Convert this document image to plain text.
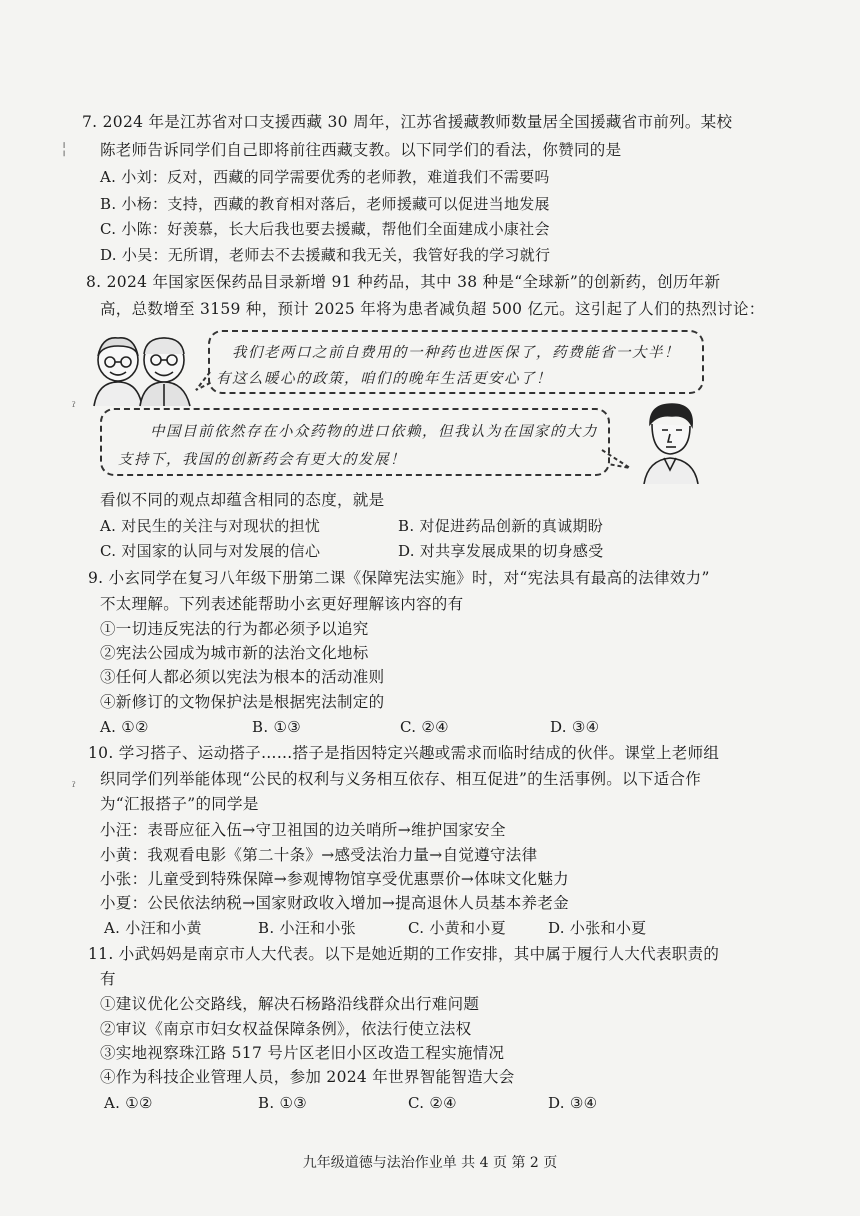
7. 2024 年是江苏省对口支援西藏 30 周年，江苏省援藏教师数量居全国援藏省市前列。某校
陈老师告诉同学们自己即将前往西藏支教。以下同学们的看法，你赞同的是
A. 小刘：反对，西藏的同学需要优秀的老师教，难道我们不需要吗
B. 小杨：支持，西藏的教育相对落后，老师援藏可以促进当地发展
C. 小陈：好羡慕，长大后我也要去援藏，帮他们全面建成小康社会
D. 小吴：无所谓，老师去不去援藏和我无关，我管好我的学习就行
8. 2024 年国家医保药品目录新增 91 种药品，其中 38 种是“全球新”的创新药，创历年新
高，总数增至 3159 种，预计 2025 年将为患者减负超 500 亿元。这引起了人们的热烈讨论：
我们老两口之前自费用的一种药也进医保了，药费能省一大半！
有这么暖心的政策，咱们的晚年生活更安心了！
中国目前依然存在小众药物的进口依赖，但我认为在国家的大力
支持下，我国的创新药会有更大的发展！
看似不同的观点却蕴含相同的态度，就是
A. 对民生的关注与对现状的担忧	B. 对促进药品创新的真诚期盼
C. 对国家的认同与对发展的信心	D. 对共享发展成果的切身感受
9. 小玄同学在复习八年级下册第二课《保障宪法实施》时，对“宪法具有最高的法律效力”
不太理解。下列表述能帮助小玄更好理解该内容的有
①一切违反宪法的行为都必须予以追究
②宪法公园成为城市新的法治文化地标
③任何人都必须以宪法为根本的活动准则
④新修订的文物保护法是根据宪法制定的
A. ①②	B. ①③	C. ②④	D. ③④
10. 学习搭子、运动搭子……搭子是指因特定兴趣或需求而临时结成的伙伴。课堂上老师组
织同学们列举能体现“公民的权利与义务相互依存、相互促进”的生活事例。以下适合作
为“汇报搭子”的同学是
小汪：表哥应征入伍→守卫祖国的边关哨所→维护国家安全
小黄：我观看电影《第二十条》→感受法治力量→自觉遵守法律
小张：儿童受到特殊保障→参观博物馆享受优惠票价→体味文化魅力
小夏：公民依法纳税→国家财政收入增加→提高退休人员基本养老金
A. 小汪和小黄	B. 小汪和小张	C. 小黄和小夏	D. 小张和小夏
11. 小武妈妈是南京市人大代表。以下是她近期的工作安排，其中属于履行人大代表职责的
有
①建议优化公交路线，解决石杨路沿线群众出行难问题
②审议《南京市妇女权益保障条例》，依法行使立法权
③实地视察珠江路 517 号片区老旧小区改造工程实施情况
④作为科技企业管理人员，参加 2024 年世界智能智造大会
A. ①②	B. ①③	C. ②④	D. ③④
╎
ˀ
ˀ
九年级道德与法治作业单 共 4 页 第 2 页
